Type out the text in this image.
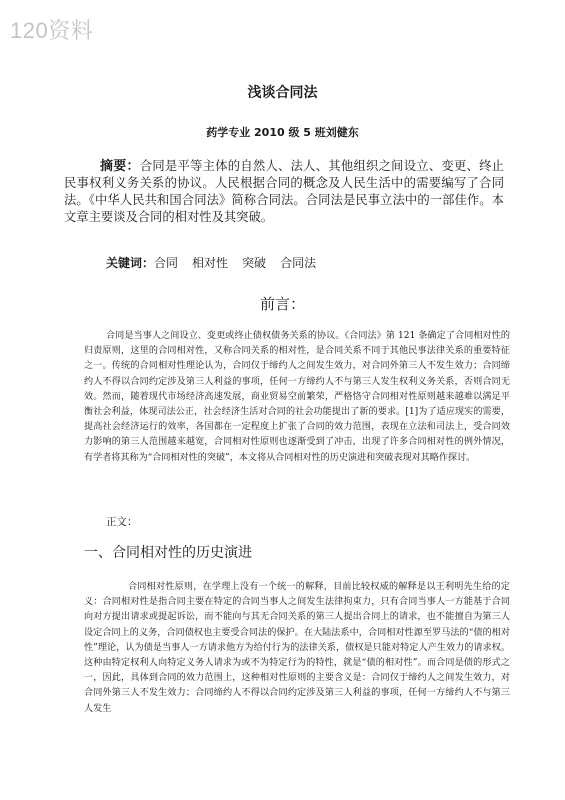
120资料
浅谈合同法
药学专业 2010 级 5 班刘健东

摘要：合同是平等主体的自然人、法人、其他组织之间设立、变更、终止民事权利义务关系的协议。人民根据合同的概念及人民生活中的需要编写了合同法。《中华人民共和国合同法》简称合同法。合同法是民事立法中的一部佳作。本文章主要谈及合同的相对性及其突破。

关键词：合同 相对性 突破 合同法
前言：

合同是当事人之间设立、变更或终止债权债务关系的协议。《合同法》第 121 条确定了合同相对性的归责原则，这里的合同相对性，又称合同关系的相对性，是合同关系不同于其他民事法律关系的重要特征之一。传统的合同相对性理论认为，合同仅于缔约人之间发生效力，对合同外第三人不发生效力；合同缔约人不得以合同约定涉及第三人利益的事项，任何一方缔约人不与第三人发生权利义务关系，否则合同无效。然而，随着现代市场经济高速发展，商业贸易空前繁荣，严格恪守合同相对性原则越来越难以满足平衡社会利益，体现司法公正，社会经济生活对合同的社会功能提出了新的要求。[1]为了适应现实的需要，提高社会经济运行的效率，各国都在一定程度上扩张了合同的效力范围，表现在立法和司法上，受合同效力影响的第三人范围越来越宽，合同相对性原则也逐渐受到了冲击，出现了许多合同相对性的例外情况，有学者将其称为“合同相对性的突破”，本文将从合同相对性的历史演进和突破表现对其略作探讨。

正文：
一、合同相对性的历史演进

合同相对性原则，在学理上没有一个统一的解释，目前比较权威的解释是以王利明先生给的定义：合同相对性是指合同主要在特定的合同当事人之间发生法律拘束力，只有合同当事人一方能基于合同向对方提出请求或提起诉讼，而不能向与其无合同关系的第三人提出合同上的请求，也不能擅自为第三人设定合同上的义务，合同债权也主要受合同法的保护。在大陆法系中，合同相对性源至罗马法的“债的相对性”理论，认为债是当事人一方请求他方为给付行为的法律关系，债权是只能对特定人产生效力的请求权。这种由特定权利人向特定义务人请求为或不为特定行为的特性，就是“债的相对性”。而合同是债的形式之一，因此，具体到合同的效力范围上，这种相对性原则的主要含义是：合同仅于缔约人之间发生效力，对合同外第三人不发生效力；合同缔约人不得以合同约定涉及第三人利益的事项，任何一方缔约人不与第三人发生
